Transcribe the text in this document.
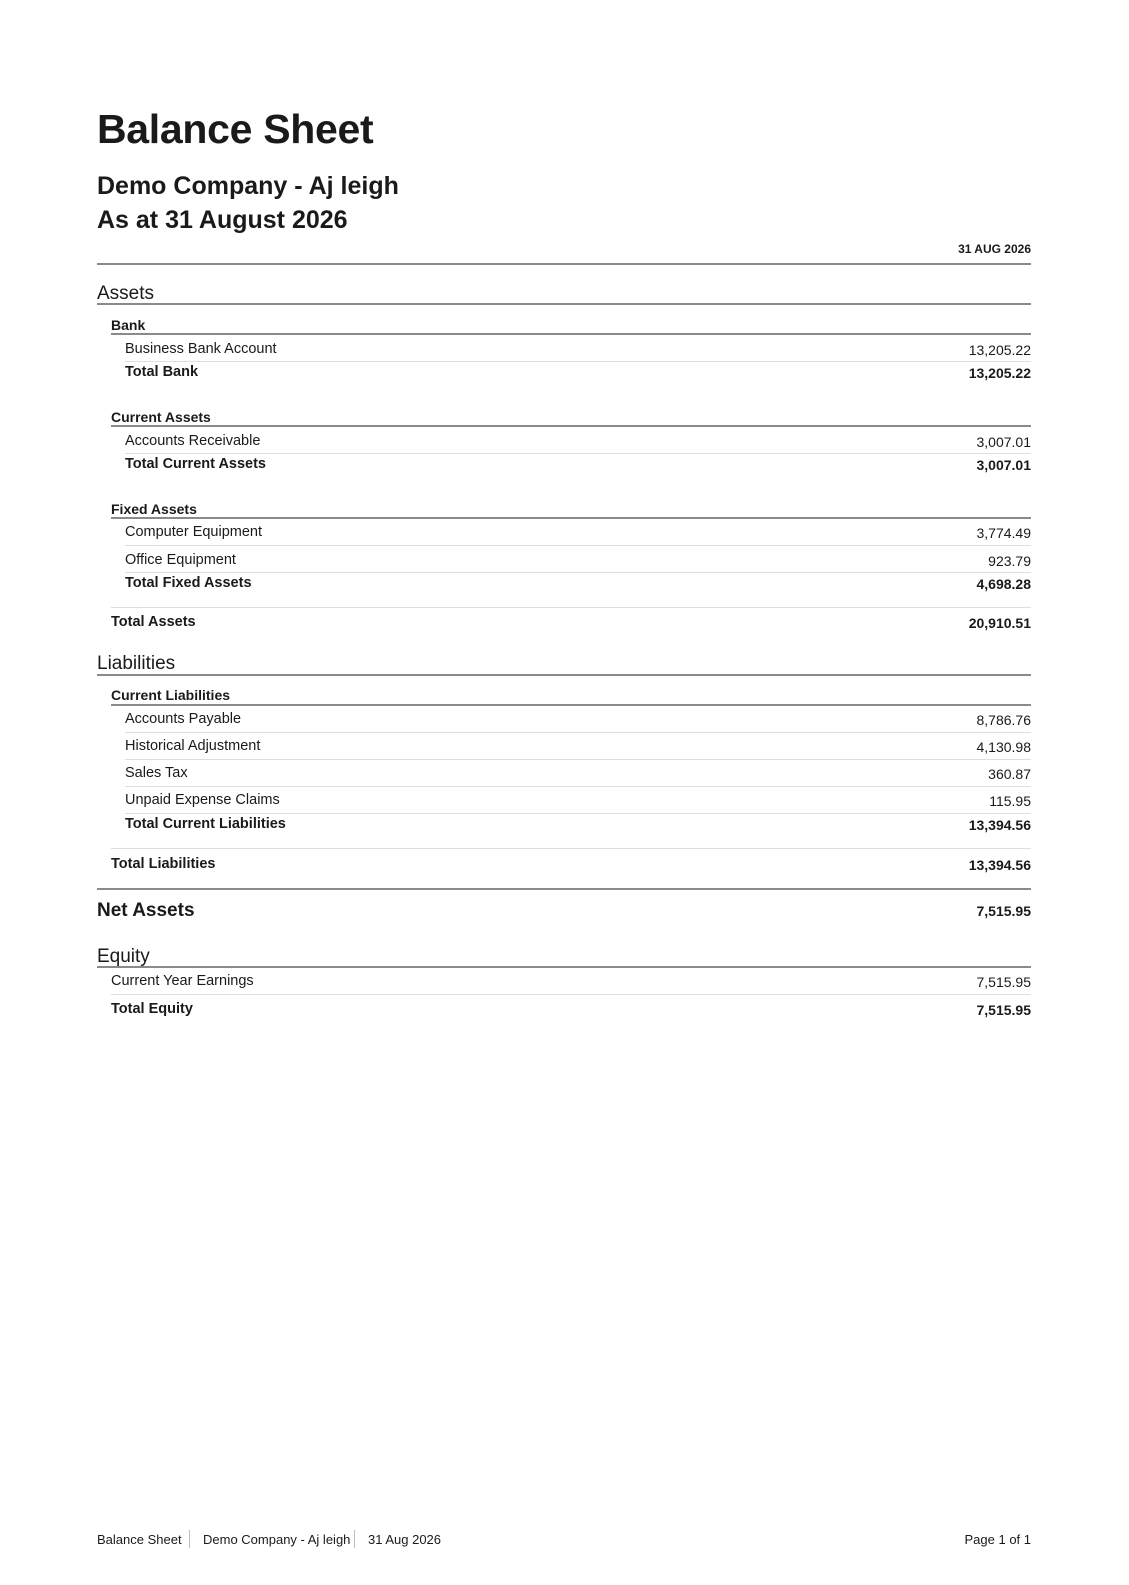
Balance Sheet
Demo Company - Aj leigh
As at 31 August 2026
31 AUG 2026
Assets
Bank
Business Bank Account	13,205.22
Total Bank	13,205.22
Current Assets
Accounts Receivable	3,007.01
Total Current Assets	3,007.01
Fixed Assets
Computer Equipment	3,774.49
Office Equipment	923.79
Total Fixed Assets	4,698.28
Total Assets	20,910.51
Liabilities
Current Liabilities
Accounts Payable	8,786.76
Historical Adjustment	4,130.98
Sales Tax	360.87
Unpaid Expense Claims	115.95
Total Current Liabilities	13,394.56
Total Liabilities	13,394.56
Net Assets	7,515.95
Equity
Current Year Earnings	7,515.95
Total Equity	7,515.95
Balance Sheet Demo Company - Aj leigh 31 Aug 2026	Page 1 of 1
